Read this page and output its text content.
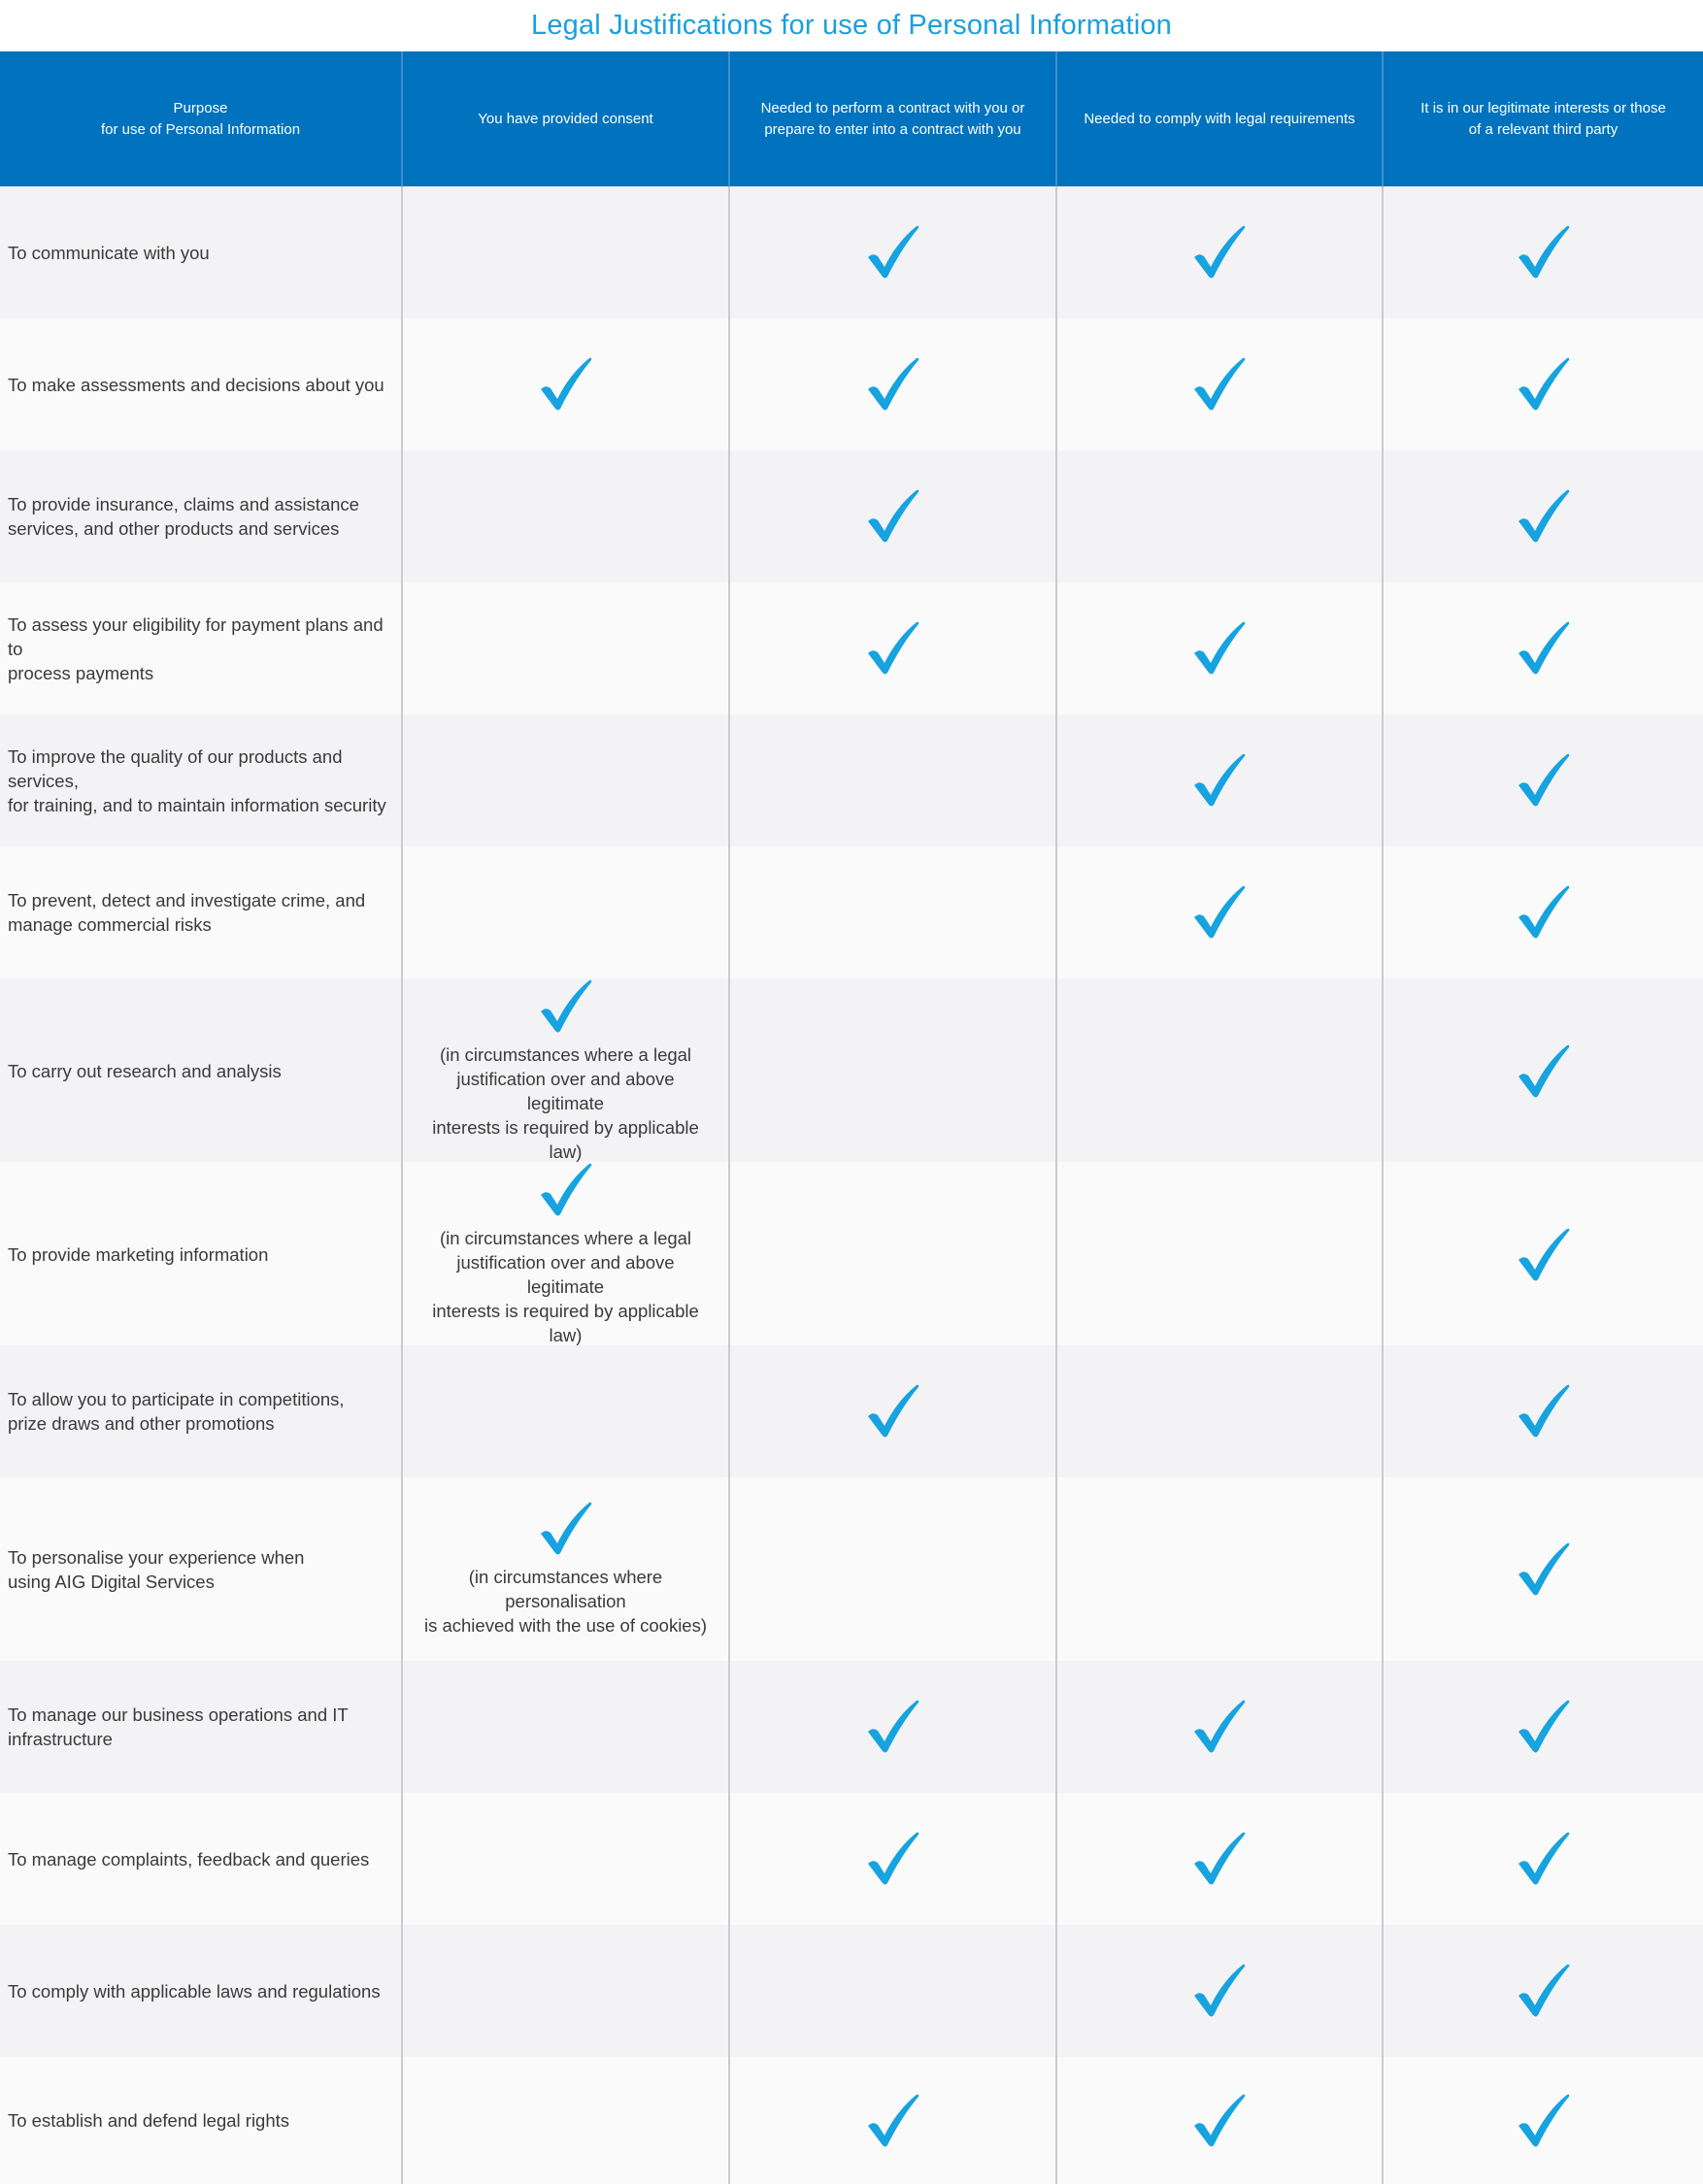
Legal Justifications for use of Personal Information
Purpose
for use of Personal Information
You have provided consent
Needed to perform a contract with you or
prepare to enter into a contract with you
Needed to comply with legal requirements
It is in our legitimate interests or those
of a relevant third party
To communicate with you
To make assessments and decisions about you
To provide insurance, claims and assistance
services, and other products and services
To assess your eligibility for payment plans and to
process payments
To improve the quality of our products and services,
for training, and to maintain information security
To prevent, detect and investigate crime, and
manage commercial risks
To carry out research and analysis
(in circumstances where a legal
justification over and above legitimate
interests is required by applicable law)
To provide marketing information
(in circumstances where a legal
justification over and above legitimate
interests is required by applicable law)
To allow you to participate in competitions,
prize draws and other promotions
To personalise your experience when
using AIG Digital Services	(in circumstances where personalisation
is achieved with the use of cookies)
To manage our business operations and IT
infrastructure
To manage complaints, feedback and queries
To comply with applicable laws and regulations
To establish and defend legal rights
